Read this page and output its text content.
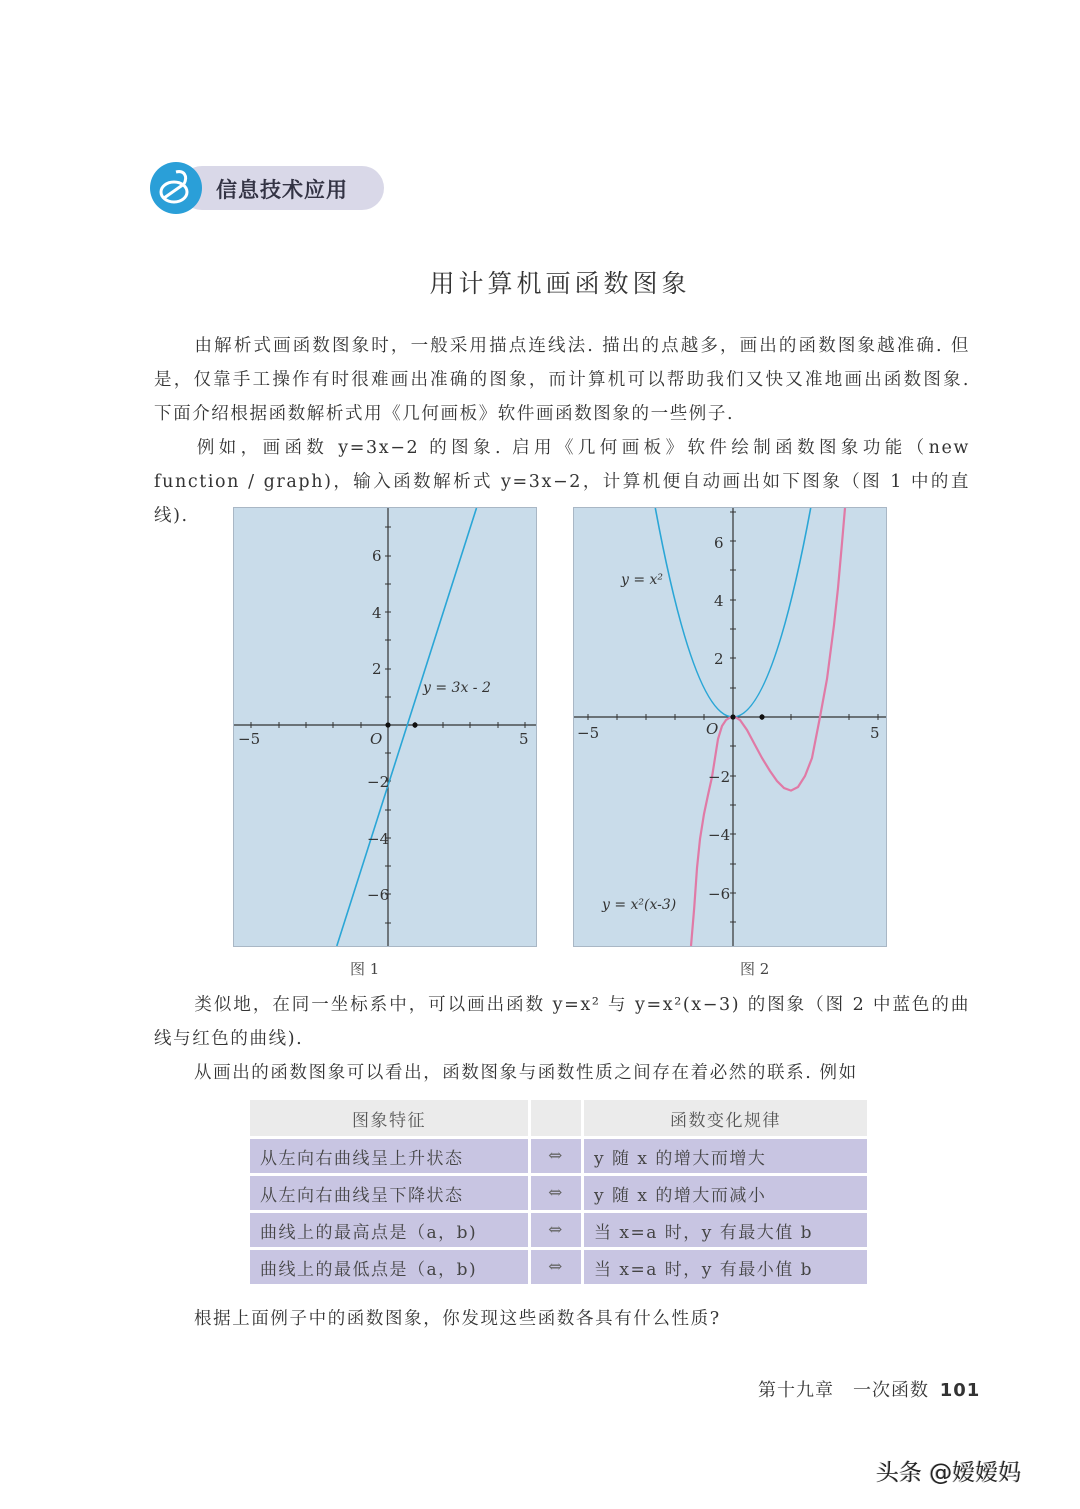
信息技术应用
用计算机画函数图象
由解析式画函数图象时，一般采用描点连线法. 描出的点越多，画出的函数图象越准确. 但是，仅靠手工操作有时很难画出准确的图象，而计算机可以帮助我们又快又准地画出函数图象. 下面介绍根据函数解析式用《几何画板》软件画函数图象的一些例子.
例如，画函数 y=3x−2 的图象. 启用《几何画板》软件绘制函数图象功能（new function / graph)，输入函数解析式 y=3x−2，计算机便自动画出如下图象（图 1 中的直线).
−5	5
O
6
4
2
−2
−4
−6
y = 3x - 2
图 1
−5	5
O
6
4
2
−2
−4
−6
y = x²
y = x²(x-3)
图 2
类似地，在同一坐标系中，可以画出函数 y=x² 与 y=x²(x−3) 的图象（图 2 中蓝色的曲线与红色的曲线).
从画出的函数图象可以看出，函数图象与函数性质之间存在着必然的联系. 例如
图象特征		函数变化规律
从左向右曲线呈上升状态	⇔	y 随 x 的增大而增大
从左向右曲线呈下降状态	⇔	y 随 x 的增大而减小
曲线上的最高点是（a，b)	⇔	当 x=a 时，y 有最大值 b
曲线上的最低点是（a，b)	⇔	当 x=a 时，y 有最小值 b
根据上面例子中的函数图象，你发现这些函数各具有什么性质?
第十九章　一次函数 101
头条 @嫒嫒妈
